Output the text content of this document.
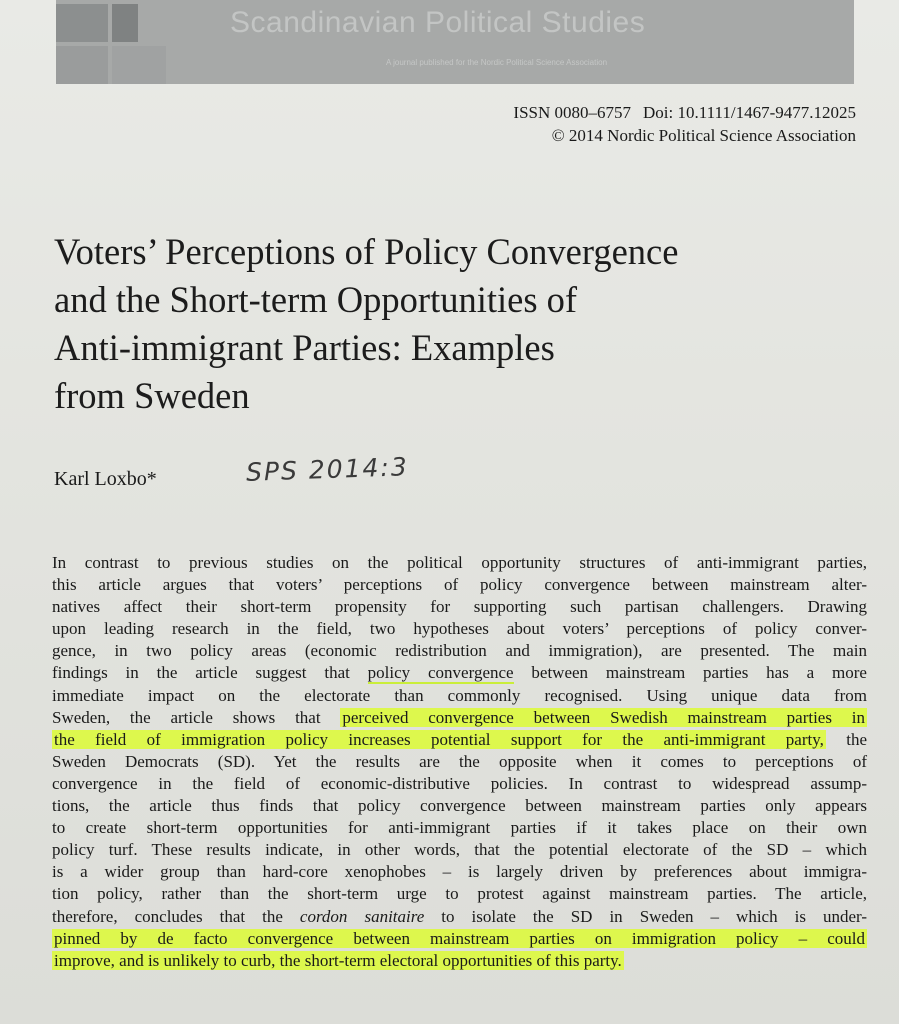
Scandinavian Political Studies
A journal published for the Nordic Political Science Association
ISSN 0080–6757 Doi: 10.1111/1467-9477.12025
© 2014 Nordic Political Science Association
Voters’ Perceptions of Policy Convergence
and the Short-term Opportunities of
Anti-immigrant Parties: Examples
from Sweden
Karl Loxbo*	SPS 2014:3
In contrast to previous studies on the political opportunity structures of anti-immigrant parties,
this article argues that voters’ perceptions of policy convergence between mainstream alter-
natives affect their short-term propensity for supporting such partisan challengers. Drawing
upon leading research in the field, two hypotheses about voters’ perceptions of policy conver-
gence, in two policy areas (economic redistribution and immigration), are presented. The main
findings in the article suggest that policy convergence between mainstream parties has a more
immediate impact on the electorate than commonly recognised. Using unique data from
Sweden, the article shows that perceived convergence between Swedish mainstream parties in
the field of immigration policy increases potential support for the anti-immigrant party, the
Sweden Democrats (SD). Yet the results are the opposite when it comes to perceptions of
convergence in the field of economic-distributive policies. In contrast to widespread assump-
tions, the article thus finds that policy convergence between mainstream parties only appears
to create short-term opportunities for anti-immigrant parties if it takes place on their own
policy turf. These results indicate, in other words, that the potential electorate of the SD – which
is a wider group than hard-core xenophobes – is largely driven by preferences about immigra-
tion policy, rather than the short-term urge to protest against mainstream parties. The article,
therefore, concludes that the cordon sanitaire to isolate the SD in Sweden – which is under-
pinned by de facto convergence between mainstream parties on immigration policy – could
improve, and is unlikely to curb, the short-term electoral opportunities of this party.
